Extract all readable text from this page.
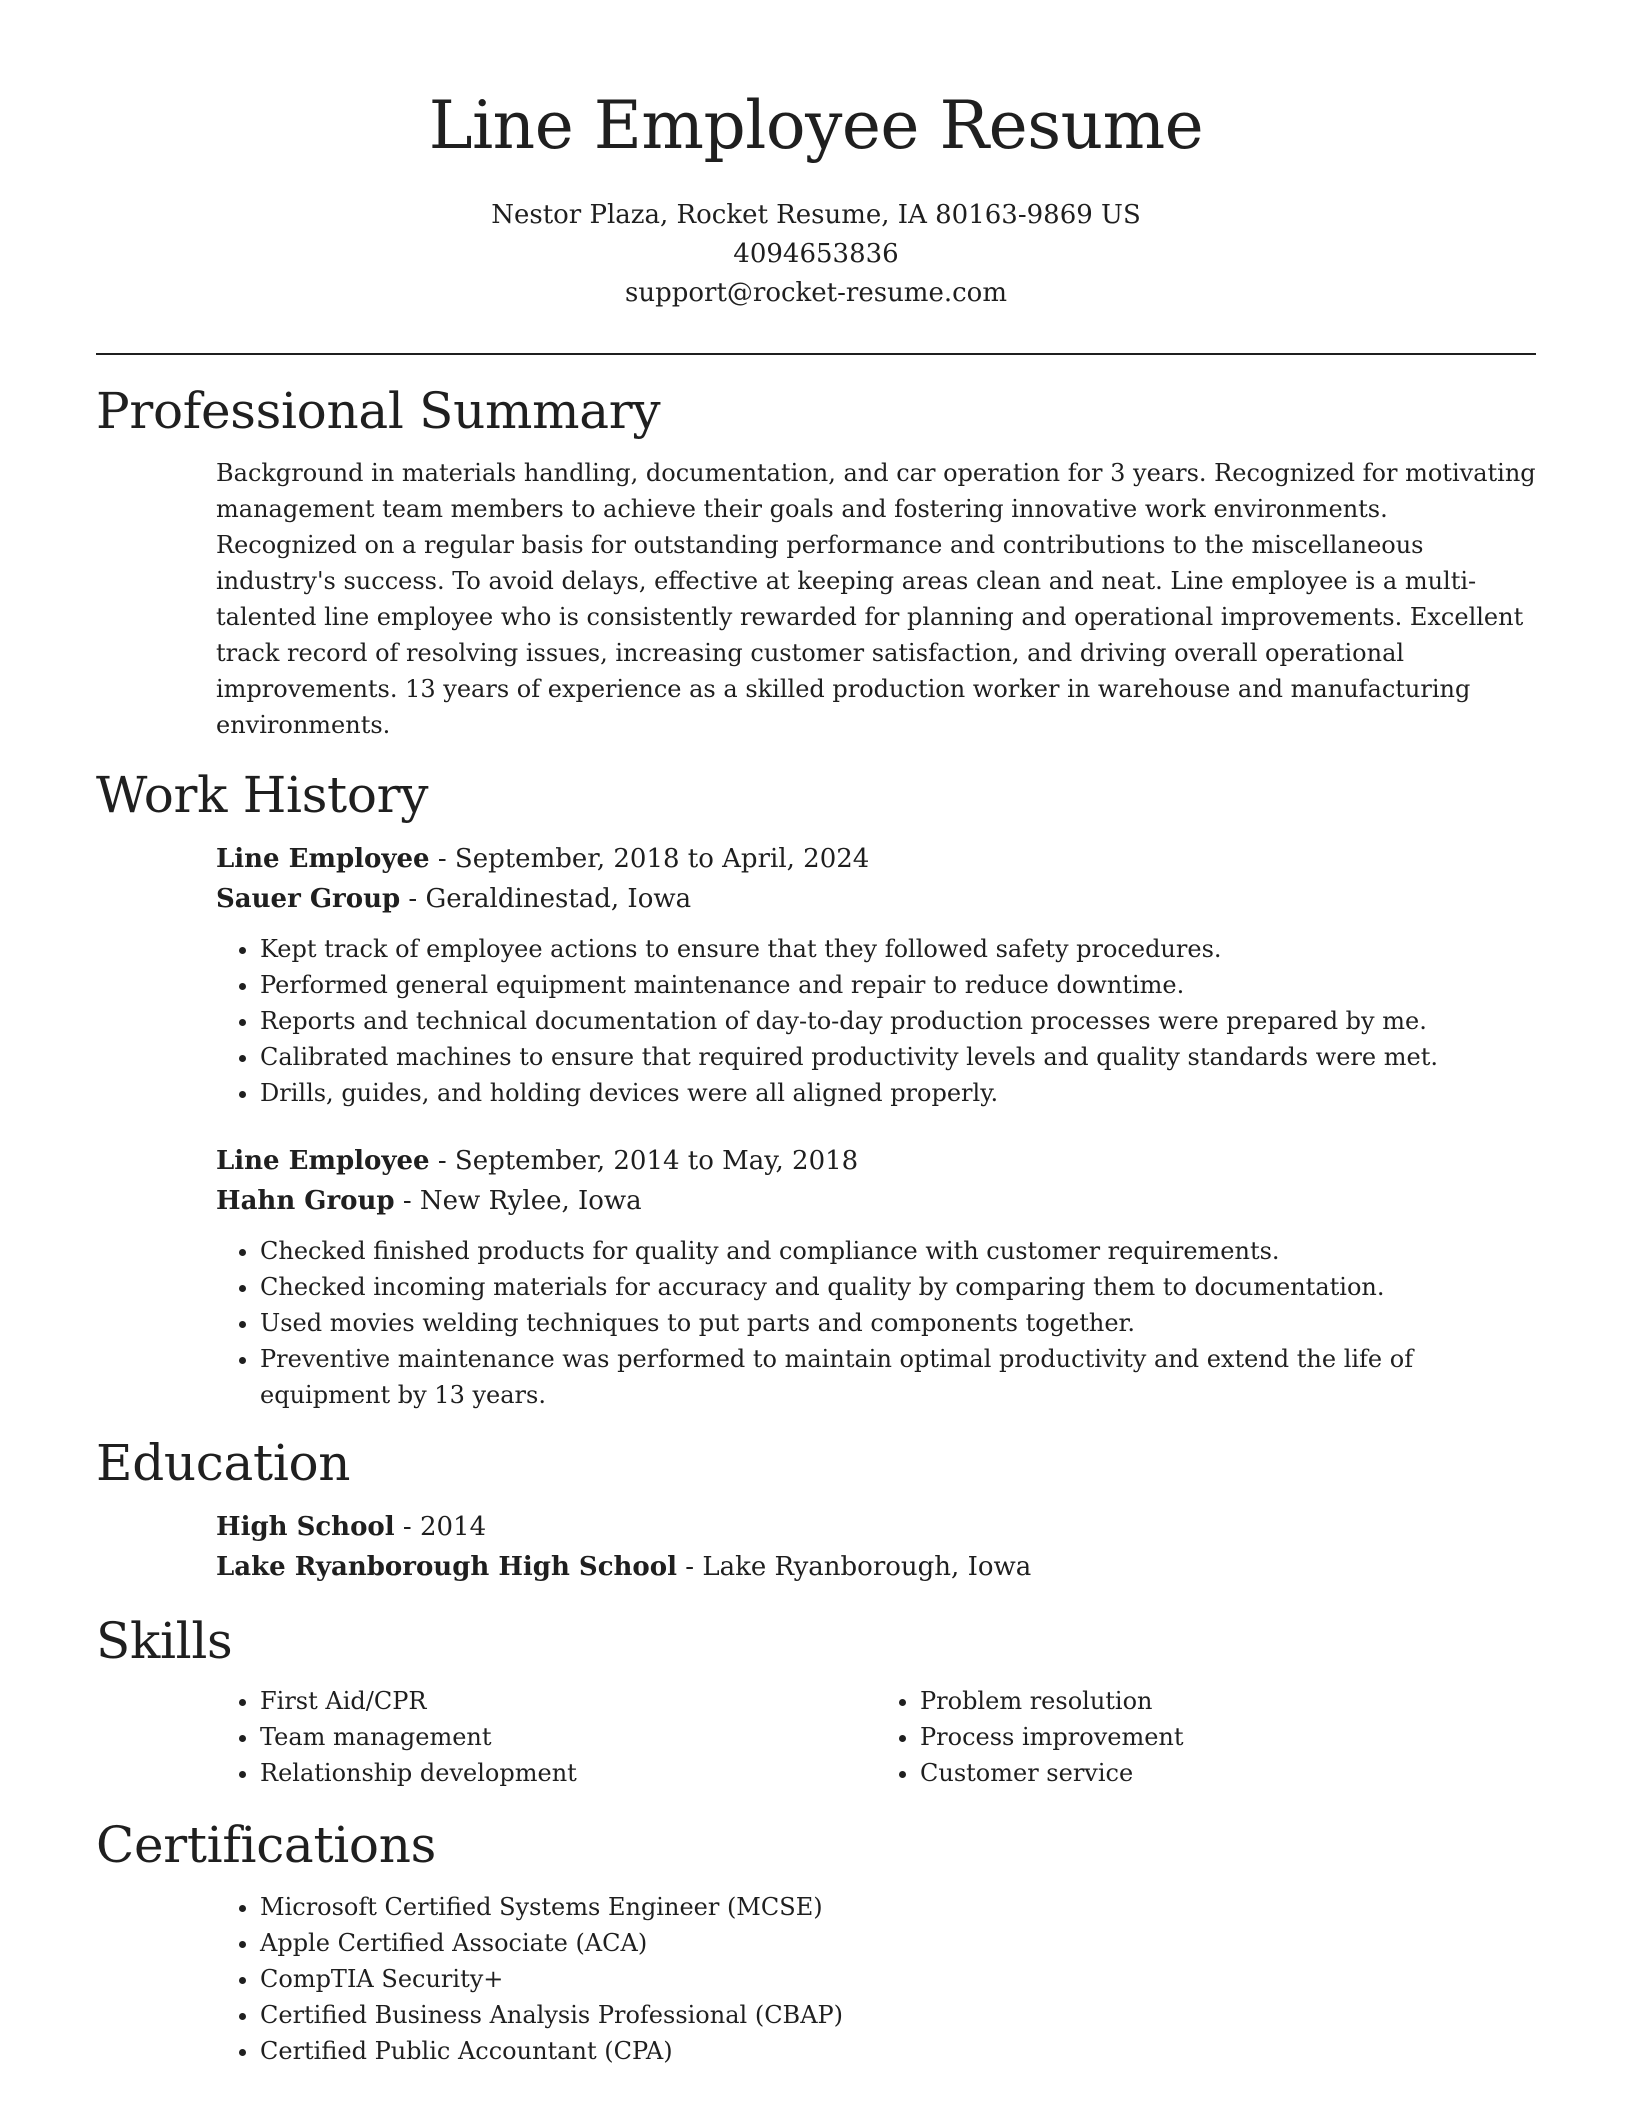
Line Employee Resume
Nestor Plaza, Rocket Resume, IA 80163-9869 US
4094653836
support@rocket-resume.com
Professional Summary

Background in materials handling, documentation, and car operation for 3 years. Recognized for motivating management team members to achieve their goals and fostering innovative work environments. Recognized on a regular basis for outstanding performance and contributions to the miscellaneous industry's success. To avoid delays, effective at keeping areas clean and neat. Line employee is a multi-talented line employee who is consistently rewarded for planning and operational improvements. Excellent track record of resolving issues, increasing customer satisfaction, and driving overall operational improvements. 13 years of experience as a skilled production worker in warehouse and manufacturing environments.

Work History
Line Employee - September, 2018 to April, 2024
Sauer Group - Geraldinestad, Iowa
• Kept track of employee actions to ensure that they followed safety procedures.
• Performed general equipment maintenance and repair to reduce downtime.
• Reports and technical documentation of day-to-day production processes were prepared by me.
• Calibrated machines to ensure that required productivity levels and quality standards were met.
• Drills, guides, and holding devices were all aligned properly.
Line Employee - September, 2014 to May, 2018
Hahn Group - New Rylee, Iowa
• Checked finished products for quality and compliance with customer requirements.
• Checked incoming materials for accuracy and quality by comparing them to documentation.
• Used movies welding techniques to put parts and components together.
• Preventive maintenance was performed to maintain optimal productivity and extend the life of equipment by 13 years.
Education
High School - 2014
Lake Ryanborough High School - Lake Ryanborough, Iowa
Skills
• First Aid/CPR
• Team management
• Relationship development
• Problem resolution
• Process improvement
• Customer service
Certifications
• Microsoft Certified Systems Engineer (MCSE)
• Apple Certified Associate (ACA)
• CompTIA Security+
• Certified Business Analysis Professional (CBAP)
• Certified Public Accountant (CPA)
